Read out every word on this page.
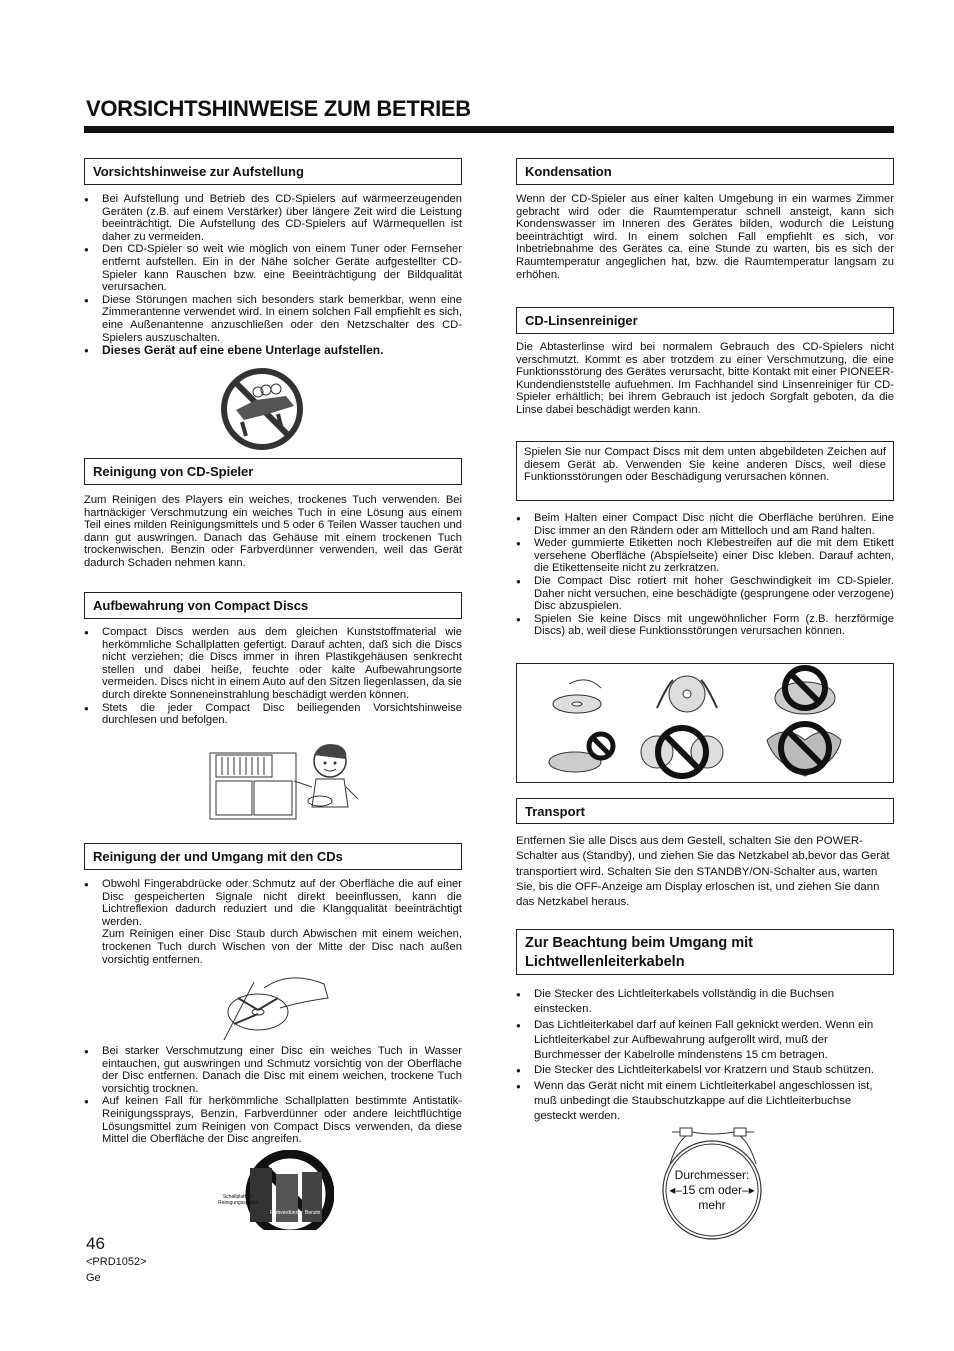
VORSICHTSHINWEISE ZUM BETRIEB
Vorsichtshinweise zur Aufstellung
● Bei Aufstellung und Betrieb des CD-Spielers auf wärmeerzeugenden Geräten (z.B. auf einem Verstärker) über längere Zeit wird die Leistung beeinträchtigt. Die Aufstellung des CD-Spielers auf Wärmequellen ist daher zu vermeiden.
● Den CD-Spieler so weit wie möglich von einem Tuner oder Fernseher entfernt aufstellen. Ein in der Nähe solcher Geräte aufgestellter CD-Spieler kann Rauschen bzw. eine Beeinträchtigung der Bildqualität verursachen.
● Diese Störungen machen sich besonders stark bemerkbar, wenn eine Zimmerantenne verwendet wird. In einem solchen Fall empfiehlt es sich, eine Außenantenne anzuschließen oder den Netzschalter des CD-Spielers auszuschalten.
● Dieses Gerät auf eine ebene Unterlage aufstellen.
Reinigung von CD-Spieler
Zum Reinigen des Players ein weiches, trockenes Tuch verwenden. Bei hartnäckiger Verschmutzung ein weiches Tuch in eine Lösung aus einem Teil eines milden Reinigungsmittels und 5 oder 6 Teilen Wasser tauchen und dann gut auswringen. Danach das Gehäuse mit einem trockenen Tuch trockenwischen. Benzin oder Farbverdünner verwenden, weil das Gerät dadurch Schaden nehmen kann.
Aufbewahrung von Compact Discs
● Compact Discs werden aus dem gleichen Kunststoffmaterial wie herkömmliche Schallplatten gefertigt. Darauf achten, daß sich die Discs nicht verziehen; die Discs immer in ihren Plastikgehäusen senkrecht stellen und dabei heiße, feuchte oder kalte Aufbewahrungsorte vermeiden. Discs nicht in einem Auto auf den Sitzen liegenlassen, da sie durch direkte Sonneneinstrahlung beschädigt werden können.
● Stets die jeder Compact Disc beiliegenden Vorsichtshinweise durchlesen und befolgen.
Reinigung der und Umgang mit den CDs
● Obwohl Fingerabdrücke oder Schmutz auf der Oberfläche die auf einer Disc gespeicherten Signale nicht direkt beeinflussen, kann die Lichtreflexion dadurch reduziert und die Klangqualität beeinträchtigt werden.
Zum Reinigen einer Disc Staub durch Abwischen mit einem weichen, trockenen Tuch durch Wischen von der Mitte der Disc nach außen vorsichtig entfernen.
● Bei starker Verschmutzung einer Disc ein weiches Tuch in Wasser eintauchen, gut auswringen und Schmutz vorsichtig von der Oberfläche der Disc entfernen. Danach die Disc mit einem weichen, trockene Tuch vorsichtig trocknen.
● Auf keinen Fall für herkömmliche Schallplatten bestimmte Antistatik-Reinigungssprays, Benzin, Farbverdünner oder andere leichtflüchtige Lösungsmittel zum Reinigen von Compact Discs verwenden, da diese Mittel die Oberfläche der Disc angreifen.
Schallplatten-Reinigungssprays
Farbverdünner Benzin
Kondensation
Wenn der CD-Spieler aus einer kalten Umgebung in ein warmes Zimmer gebracht wird oder die Raumtemperatur schnell ansteigt, kann sich Kondenswasser im Inneren des Gerätes bilden, wodurch die Leistung beeinträchtigt wird. In einem solchen Fall empfiehlt es sich, vor Inbetriebnahme des Gerätes ca. eine Stunde zu warten, bis es sich der Raumtemperatur angeglichen hat, bzw. die Raumtemperatur langsam zu erhöhen.
CD-Linsenreiniger
Die Abtasterlinse wird bei normalem Gebrauch des CD-Spielers nicht verschmutzt. Kommt es aber trotzdem zu einer Verschmutzung, die eine Funktionsstörung des Gerätes verursacht, bitte Kontakt mit einer PIONEER-Kundendienststelle aufuehmen. Im Fachhandel sind Linsenreiniger für CD-Spieler erhältlich; bei ihrem Gebrauch ist jedoch Sorgfalt geboten, da die Linse dabei beschädigt werden kann.
Spielen Sie nur Compact Discs mit dem unten abgebildeten Zeichen auf diesem Gerät ab. Verwenden Sie keine anderen Discs, weil diese Funktionsstörungen oder Beschädigung verursachen können.
● Beim Halten einer Compact Disc nicht die Oberfläche berühren. Eine Disc immer an den Rändern oder am Mittelloch und am Rand halten.
● Weder gummierte Etiketten noch Klebestreifen auf die mit dem Etikett versehene Oberfläche (Abspielseite) einer Disc kleben. Darauf achten, die Etikettenseite nicht zu zerkratzen.
● Die Compact Disc rotiert mit hoher Geschwindigkeit im CD-Spieler. Daher nicht versuchen, eine beschädigte (gesprungene oder verzogene) Disc abzuspielen.
● Spielen Sie keine Discs mit ungewöhnlicher Form (z.B. herzförmige Discs) ab, weil diese Funktionsstörungen verursachen können.
Transport
Entfernen Sie alle Discs aus dem Gestell, schalten Sie den POWER-Schalter aus (Standby), und ziehen Sie das Netzkabel ab,bevor das Gerät transportiert wird. Schalten Sie den STANDBY/ON-Schalter aus, warten Sie, bis die OFF-Anzeige am Display erloschen ist, und ziehen Sie dann das Netzkabel heraus.
Zur Beachtung beim Umgang mit Lichtwellenleiterkabeln
● Die Stecker des Lichtleiterkabels vollständig in die Buchsen einstecken.
● Das Lichtleiterkabel darf auf keinen Fall geknickt werden. Wenn ein Lichtleiterkabel zur Aufbewahrung aufgerollt wird, muß der Burchmesser der Kabelrolle mindenstens 15 cm betragen.
● Die Stecker des Lichtleiterkabelsl vor Kratzern und Staub schützen.
● Wenn das Gerät nicht mit einem Lichtleiterkabel angeschlossen ist, muß unbedingt die Staubschutzkappe auf die Lichtleiterbuchse gesteckt werden.
Durchmesser:
◂–15 cm oder–▸
mehr
46
<PRD1052>
Ge
